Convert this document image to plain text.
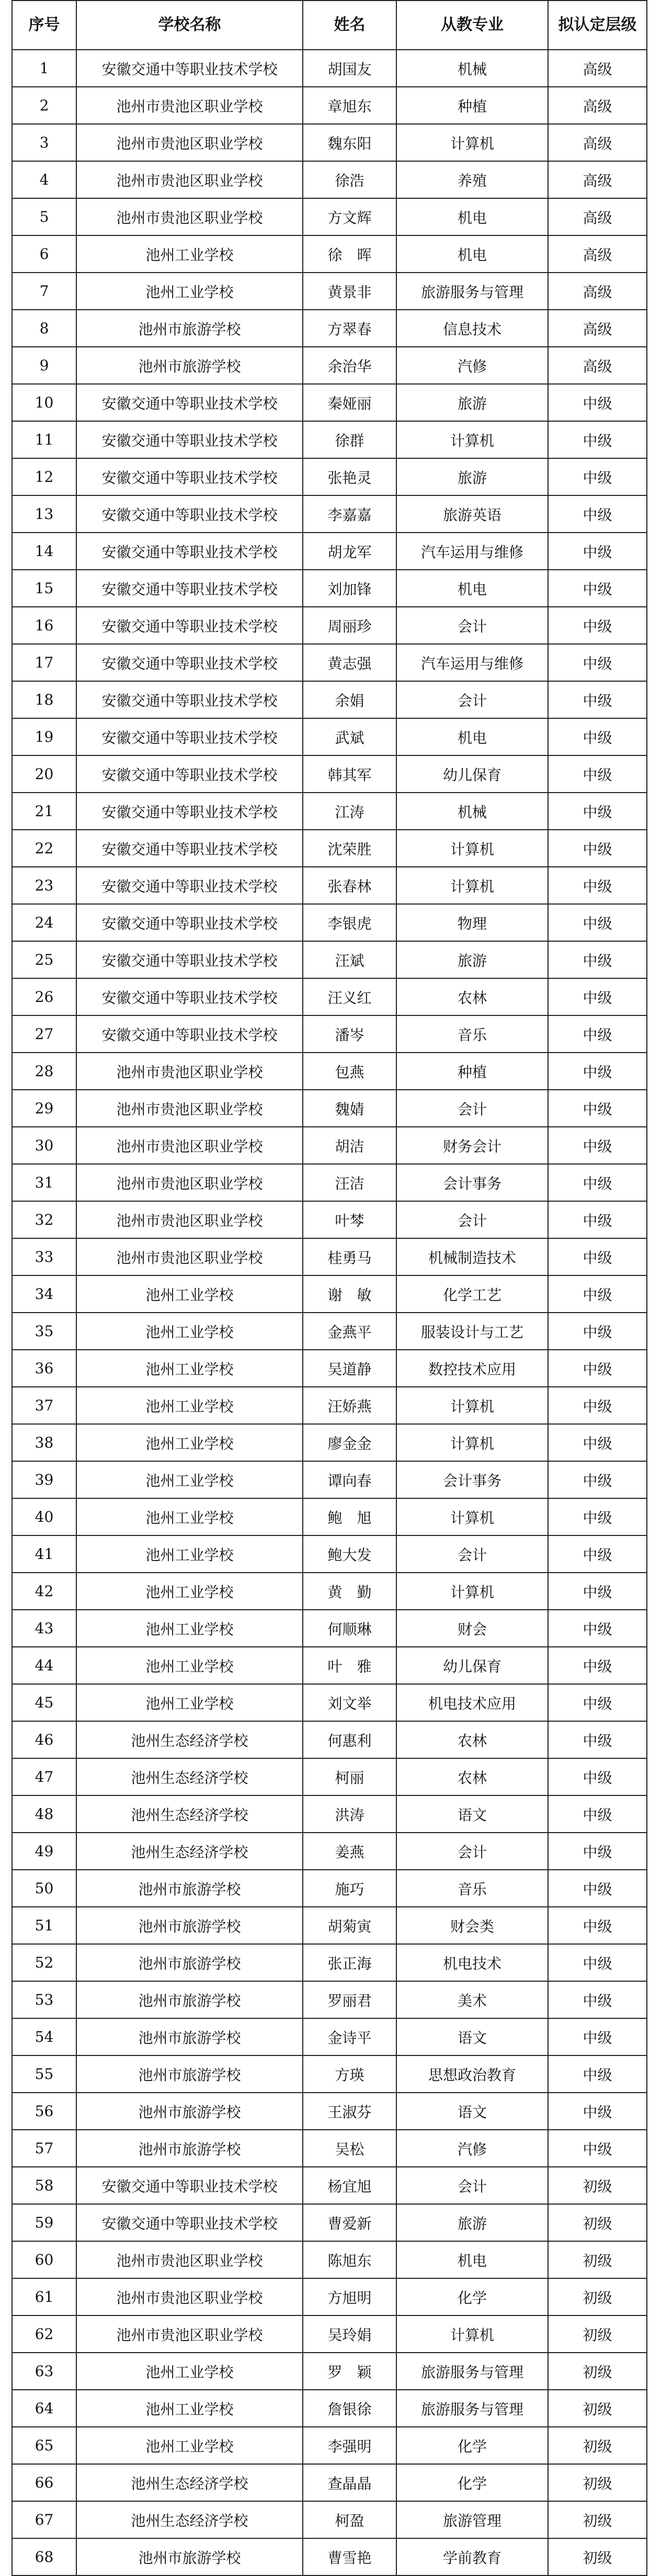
序号	学校名称	姓名	从教专业	拟认定层级
1	安徽交通中等职业技术学校	胡国友	机械	高级
2	池州市贵池区职业学校	章旭东	种植	高级
3	池州市贵池区职业学校	魏东阳	计算机	高级
4	池州市贵池区职业学校	徐浩	养殖	高级
5	池州市贵池区职业学校	方文辉	机电	高级
6	池州工业学校	徐　晖	机电	高级
7	池州工业学校	黄景非	旅游服务与管理	高级
8	池州市旅游学校	方翠春	信息技术	高级
9	池州市旅游学校	余治华	汽修	高级
10	安徽交通中等职业技术学校	秦娅丽	旅游	中级
11	安徽交通中等职业技术学校	徐群	计算机	中级
12	安徽交通中等职业技术学校	张艳灵	旅游	中级
13	安徽交通中等职业技术学校	李嘉嘉	旅游英语	中级
14	安徽交通中等职业技术学校	胡龙军	汽车运用与维修	中级
15	安徽交通中等职业技术学校	刘加锋	机电	中级
16	安徽交通中等职业技术学校	周丽珍	会计	中级
17	安徽交通中等职业技术学校	黄志强	汽车运用与维修	中级
18	安徽交通中等职业技术学校	余娟	会计	中级
19	安徽交通中等职业技术学校	武斌	机电	中级
20	安徽交通中等职业技术学校	韩其军	幼儿保育	中级
21	安徽交通中等职业技术学校	江涛	机械	中级
22	安徽交通中等职业技术学校	沈荣胜	计算机	中级
23	安徽交通中等职业技术学校	张春林	计算机	中级
24	安徽交通中等职业技术学校	李银虎	物理	中级
25	安徽交通中等职业技术学校	汪斌	旅游	中级
26	安徽交通中等职业技术学校	汪义红	农林	中级
27	安徽交通中等职业技术学校	潘岑	音乐	中级
28	池州市贵池区职业学校	包燕	种植	中级
29	池州市贵池区职业学校	魏婧	会计	中级
30	池州市贵池区职业学校	胡洁	财务会计	中级
31	池州市贵池区职业学校	汪洁	会计事务	中级
32	池州市贵池区职业学校	叶棽	会计	中级
33	池州市贵池区职业学校	桂勇马	机械制造技术	中级
34	池州工业学校	谢　敏	化学工艺	中级
35	池州工业学校	金燕平	服装设计与工艺	中级
36	池州工业学校	吴道静	数控技术应用	中级
37	池州工业学校	汪娇燕	计算机	中级
38	池州工业学校	廖金金	计算机	中级
39	池州工业学校	谭向春	会计事务	中级
40	池州工业学校	鲍　旭	计算机	中级
41	池州工业学校	鲍大发	会计	中级
42	池州工业学校	黄　勤	计算机	中级
43	池州工业学校	何顺琳	财会	中级
44	池州工业学校	叶　雅	幼儿保育	中级
45	池州工业学校	刘文举	机电技术应用	中级
46	池州生态经济学校	何惠利	农林	中级
47	池州生态经济学校	柯丽	农林	中级
48	池州生态经济学校	洪涛	语文	中级
49	池州生态经济学校	姜燕	会计	中级
50	池州市旅游学校	施巧	音乐	中级
51	池州市旅游学校	胡菊寅	财会类	中级
52	池州市旅游学校	张正海	机电技术	中级
53	池州市旅游学校	罗丽君	美术	中级
54	池州市旅游学校	金诗平	语文	中级
55	池州市旅游学校	方瑛	思想政治教育	中级
56	池州市旅游学校	王淑芬	语文	中级
57	池州市旅游学校	吴松	汽修	中级
58	安徽交通中等职业技术学校	杨宜旭	会计	初级
59	安徽交通中等职业技术学校	曹爱新	旅游	初级
60	池州市贵池区职业学校	陈旭东	机电	初级
61	池州市贵池区职业学校	方旭明	化学	初级
62	池州市贵池区职业学校	吴玲娟	计算机	初级
63	池州工业学校	罗　颖	旅游服务与管理	初级
64	池州工业学校	詹银徐	旅游服务与管理	初级
65	池州工业学校	李强明	化学	初级
66	池州生态经济学校	查晶晶	化学	初级
67	池州生态经济学校	柯盈	旅游管理	初级
68	池州市旅游学校	曹雪艳	学前教育	初级
